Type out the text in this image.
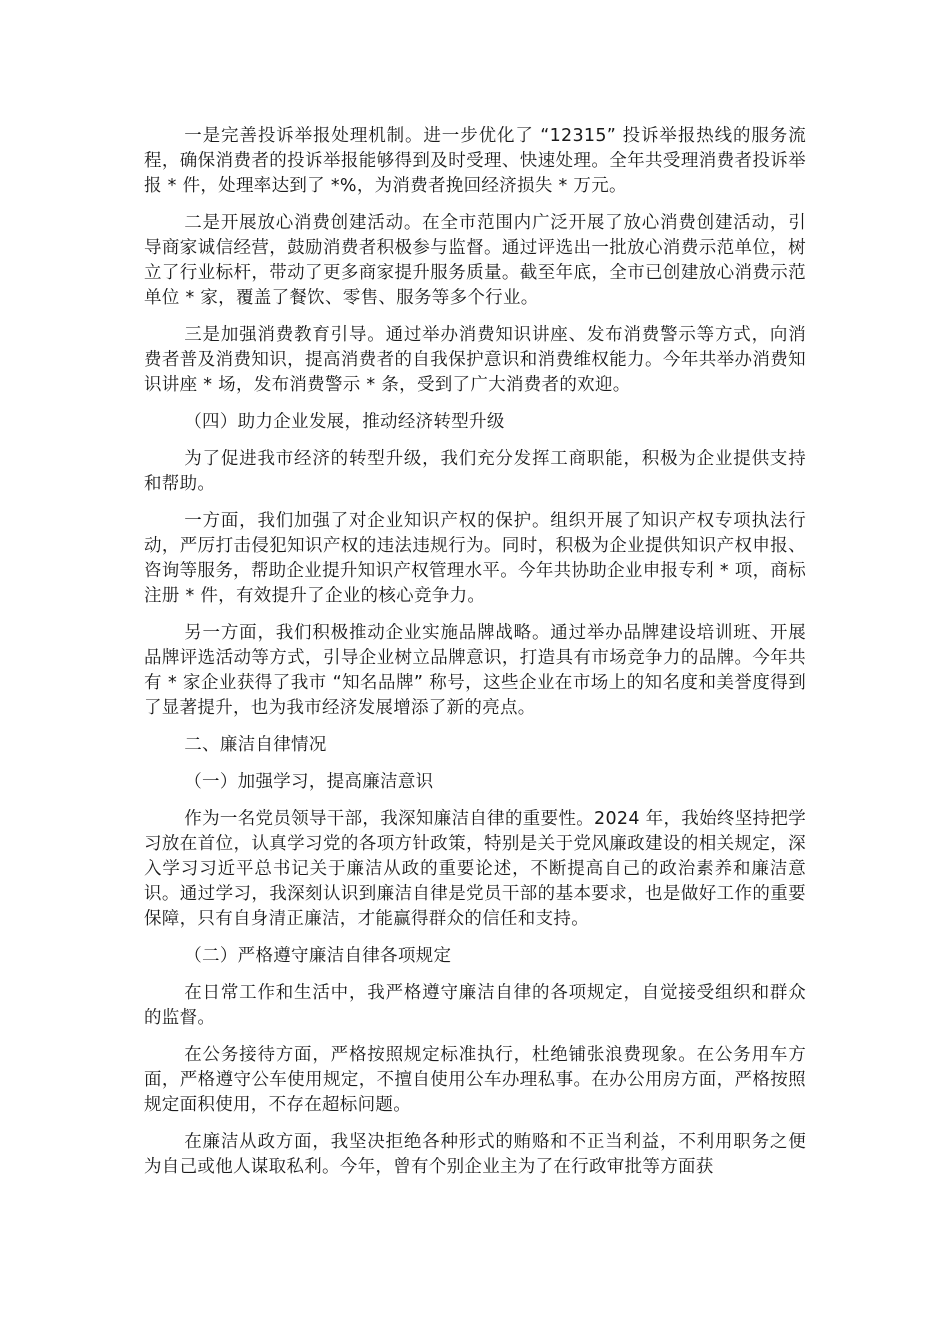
一是完善投诉举报处理机制。进一步优化了 “12315” 投诉举报热线的服务流程，确保消费者的投诉举报能够得到及时受理、快速处理。全年共受理消费者投诉举报 * 件，处理率达到了 *%，为消费者挽回经济损失 * 万元。

二是开展放心消费创建活动。在全市范围内广泛开展了放心消费创建活动，引导商家诚信经营，鼓励消费者积极参与监督。通过评选出一批放心消费示范单位，树立了行业标杆，带动了更多商家提升服务质量。截至年底，全市已创建放心消费示范单位 * 家，覆盖了餐饮、零售、服务等多个行业。

三是加强消费教育引导。通过举办消费知识讲座、发布消费警示等方式，向消费者普及消费知识，提高消费者的自我保护意识和消费维权能力。今年共举办消费知识讲座 * 场，发布消费警示 * 条，受到了广大消费者的欢迎。

（四）助力企业发展，推动经济转型升级

为了促进我市经济的转型升级，我们充分发挥工商职能，积极为企业提供支持和帮助。

一方面，我们加强了对企业知识产权的保护。组织开展了知识产权专项执法行动，严厉打击侵犯知识产权的违法违规行为。同时，积极为企业提供知识产权申报、咨询等服务，帮助企业提升知识产权管理水平。今年共协助企业申报专利 * 项，商标注册 * 件，有效提升了企业的核心竞争力。

另一方面，我们积极推动企业实施品牌战略。通过举办品牌建设培训班、开展品牌评选活动等方式，引导企业树立品牌意识，打造具有市场竞争力的品牌。今年共有 * 家企业获得了我市 “知名品牌” 称号，这些企业在市场上的知名度和美誉度得到了显著提升，也为我市经济发展增添了新的亮点。

二、廉洁自律情况

（一）加强学习，提高廉洁意识

作为一名党员领导干部，我深知廉洁自律的重要性。2024 年，我始终坚持把学习放在首位，认真学习党的各项方针政策，特别是关于党风廉政建设的相关规定，深入学习习近平总书记关于廉洁从政的重要论述，不断提高自己的政治素养和廉洁意识。通过学习，我深刻认识到廉洁自律是党员干部的基本要求，也是做好工作的重要保障，只有自身清正廉洁，才能赢得群众的信任和支持。

（二）严格遵守廉洁自律各项规定

在日常工作和生活中，我严格遵守廉洁自律的各项规定，自觉接受组织和群众的监督。

在公务接待方面，严格按照规定标准执行，杜绝铺张浪费现象。在公务用车方面，严格遵守公车使用规定，不擅自使用公车办理私事。在办公用房方面，严格按照规定面积使用，不存在超标问题。

在廉洁从政方面，我坚决拒绝各种形式的贿赂和不正当利益，不利用职务之便为自己或他人谋取私利。今年，曾有个别企业主为了在行政审批等方面获
